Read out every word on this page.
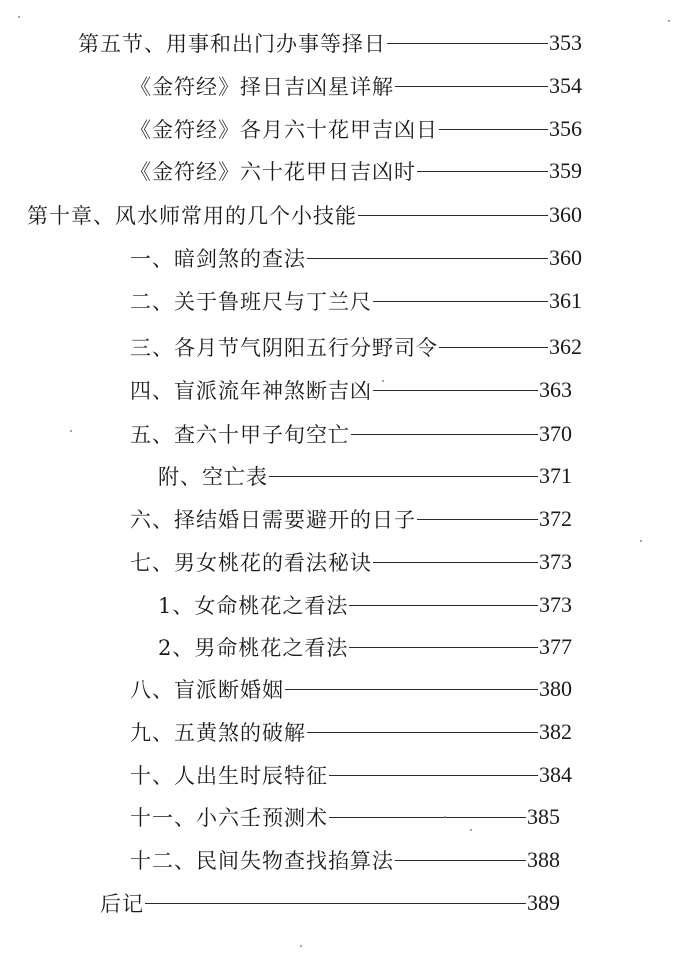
第五节、用事和出门办事等择日	353
《金符经》择日吉凶星详解	354
《金符经》各月六十花甲吉凶日	356
《金符经》六十花甲日吉凶时	359
第十章、风水师常用的几个小技能	360
一、暗剑煞的查法	360
二、关于鲁班尺与丁兰尺	361
三、各月节气阴阳五行分野司令	362
四、盲派流年神煞断吉凶	363
五、查六十甲子旬空亡	370
附、空亡表	371
六、择结婚日需要避开的日子	372
七、男女桃花的看法秘诀	373
1、女命桃花之看法	373
2、男命桃花之看法	377
八、盲派断婚姻	380
九、五黄煞的破解	382
十、人出生时辰特征	384
十一、小六壬预测术	385
十二、民间失物查找掐算法	388
后记	389
